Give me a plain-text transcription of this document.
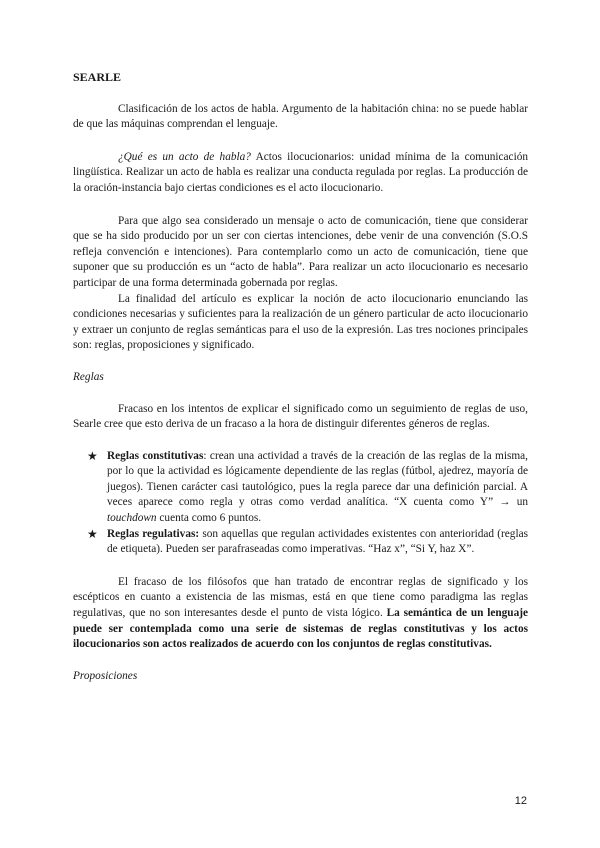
SEARLE

Clasificación de los actos de habla. Argumento de la habitación china: no se puede hablar de que las máquinas comprendan el lenguaje.

¿Qué es un acto de habla? Actos ilocucionarios: unidad mínima de la comunicación lingüística. Realizar un acto de habla es realizar una conducta regulada por reglas. La producción de la oración-instancia bajo ciertas condiciones es el acto ilocucionario.

Para que algo sea considerado un mensaje o acto de comunicación, tiene que considerar que se ha sido producido por un ser con ciertas intenciones, debe venir de una convención (S.O.S refleja convención e intenciones). Para contemplarlo como un acto de comunicación, tiene que suponer que su producción es un “acto de habla”. Para realizar un acto ilocucionario es necesario participar de una forma determinada gobernada por reglas.

La finalidad del artículo es explicar la noción de acto ilocucionario enunciando las condiciones necesarias y suficientes para la realización de un género particular de acto ilocucionario y extraer un conjunto de reglas semánticas para el uso de la expresión. Las tres nociones principales son: reglas, proposiciones y significado.

Reglas

Fracaso en los intentos de explicar el significado como un seguimiento de reglas de uso, Searle cree que esto deriva de un fracaso a la hora de distinguir diferentes géneros de reglas.

★ Reglas constitutivas: crean una actividad a través de la creación de las reglas de la misma, por lo que la actividad es lógicamente dependiente de las reglas (fútbol, ajedrez, mayoría de juegos). Tienen carácter casi tautológico, pues la regla parece dar una definición parcial. A veces aparece como regla y otras como verdad analítica. “X cuenta como Y” → un touchdown cuenta como 6 puntos.
★ Reglas regulativas: son aquellas que regulan actividades existentes con anterioridad (reglas de etiqueta). Pueden ser parafraseadas como imperativas. “Haz x”, “Si Y, haz X”.

El fracaso de los filósofos que han tratado de encontrar reglas de significado y los escépticos en cuanto a existencia de las mismas, está en que tiene como paradigma las reglas regulativas, que no son interesantes desde el punto de vista lógico. La semántica de un lenguaje puede ser contemplada como una serie de sistemas de reglas constitutivas y los actos ilocucionarios son actos realizados de acuerdo con los conjuntos de reglas constitutivas.

Proposiciones
12
